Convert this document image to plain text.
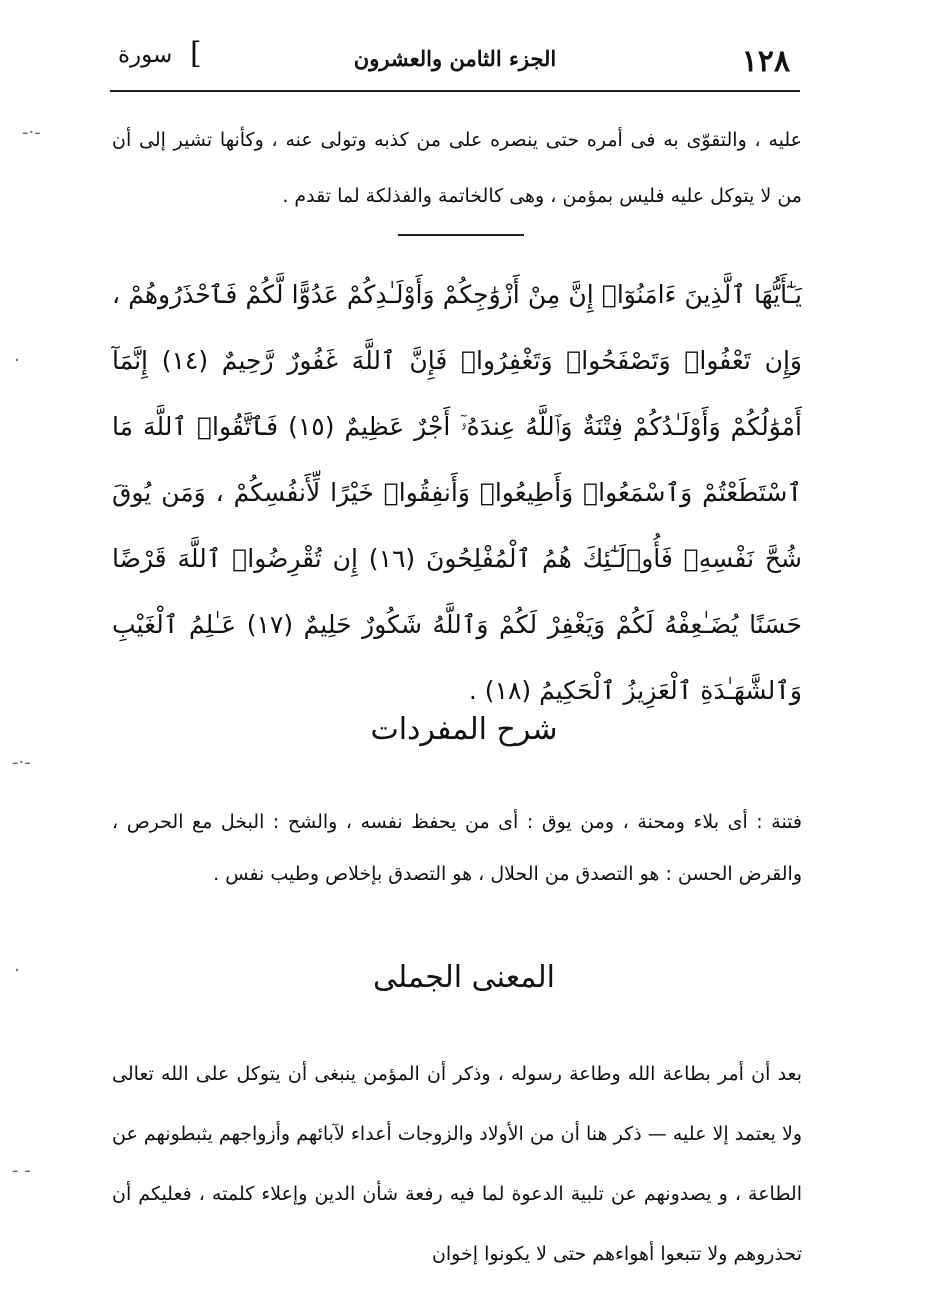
١٢٨
الجزء الثامن والعشرون
[
سورة
عليه ، والتقوّى به فى أمره حتى ينصره على من كذبه وتولى عنه ، وكأنها تشير إلى أن من لا يتوكل عليه فليس بمؤمن ، وهى كالخاتمة والفذلكة لما تقدم .
يَـٰٓأَيُّهَا ٱلَّذِينَ ءَامَنُوٓا۟ إِنَّ مِنْ أَزْوَٰجِكُمْ وَأَوْلَـٰدِكُمْ عَدُوًّا لَّكُمْ فَٱحْذَرُوهُمْ ، وَإِن تَعْفُوا۟ وَتَصْفَحُوا۟ وَتَغْفِرُوا۟ فَإِنَّ ٱللَّهَ غَفُورٌ رَّحِيمٌ (١٤) إِنَّمَآ أَمْوَٰلُكُمْ وَأَوْلَـٰدُكُمْ فِتْنَةٌ وَٱللَّهُ عِندَهُۥٓ أَجْرٌ عَظِيمٌ (١٥) فَٱتَّقُوا۟ ٱللَّهَ مَا ٱسْتَطَعْتُمْ وَٱسْمَعُوا۟ وَأَطِيعُوا۟ وَأَنفِقُوا۟ خَيْرًا لِّأَنفُسِكُمْ ، وَمَن يُوقَ شُحَّ نَفْسِهِۦ فَأُو۟لَـٰٓئِكَ هُمُ ٱلْمُفْلِحُونَ (١٦) إِن تُقْرِضُوا۟ ٱللَّهَ قَرْضًا حَسَنًا يُضَـٰعِفْهُ لَكُمْ وَيَغْفِرْ لَكُمْ وَٱللَّهُ شَكُورٌ حَلِيمٌ (١٧) عَـٰلِمُ ٱلْغَيْبِ وَٱلشَّهَـٰدَةِ ٱلْعَزِيزُ ٱلْحَكِيمُ (١٨) .
شرح المفردات
فتنة : أى بلاء ومحنة ، ومن يوق : أى من يحفظ نفسه ، والشح : البخل مع الحرص ، والقرض الحسن : هو التصدق من الحلال ، هو التصدق بإخلاص وطيب نفس .
المعنى الجملى
بعد أن أمر بطاعة الله وطاعة رسوله ، وذكر أن المؤمن ينبغى أن يتوكل على الله تعالى ولا يعتمد إلا عليه — ذكر هنا أن من الأولاد والزوجات أعداء لآبائهم وأزواجهم يثبطونهم عن الطاعة ، و يصدونهم عن تلبية الدعوة لما فيه رفعة شأن الدين وإعلاء كلمته ، فعليكم أن تحذروهم ولا تتبعوا أهواءهم حتى لا يكونوا إخوان
-·-
-·-
- -
·
·
